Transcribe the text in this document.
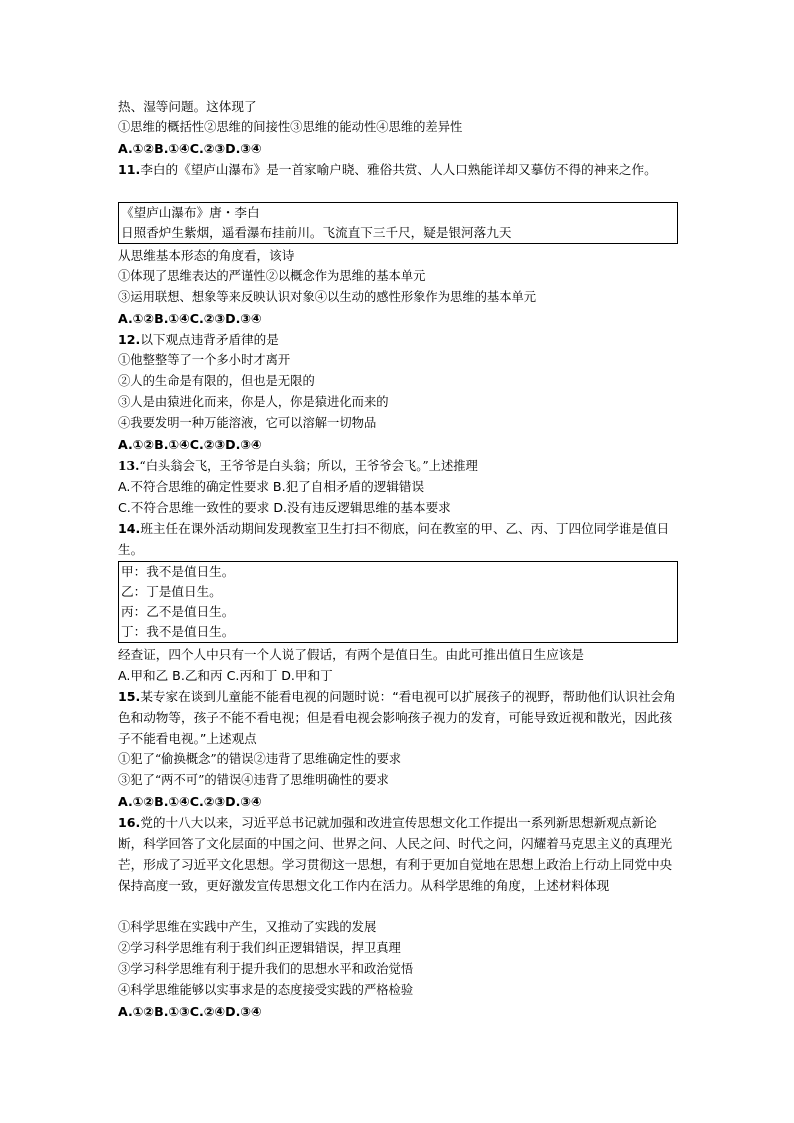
热、湿等问题。这体现了
①思维的概括性②思维的间接性③思维的能动性④思维的差异性
A.①②B.①④C.②③D.③④
11.李白的《望庐山瀑布》是一首家喻户晓、雅俗共赏、人人口熟能详却又摹仿不得的神来之作。
《望庐山瀑布》唐・李白
日照香炉生紫烟，遥看瀑布挂前川。飞流直下三千尺，疑是银河落九天
从思维基本形态的角度看，该诗
①体现了思维表达的严谨性②以概念作为思维的基本单元
③运用联想、想象等来反映认识对象④以生动的感性形象作为思维的基本单元
A.①②B.①④C.②③D.③④
12.以下观点违背矛盾律的是
①他整整等了一个多小时才离开
②人的生命是有限的，但也是无限的
③人是由猿进化而来，你是人，你是猿进化而来的
④我要发明一种万能溶液，它可以溶解一切物品
A.①②B.①④C.②③D.③④
13.“白头翁会飞，王爷爷是白头翁；所以，王爷爷会飞。”上述推理
A.不符合思维的确定性要求 B.犯了自相矛盾的逻辑错误
C.不符合思维一致性的要求 D.没有违反逻辑思维的基本要求
14.班主任在课外活动期间发现教室卫生打扫不彻底，问在教室的甲、乙、丙、丁四位同学谁是值日生。
甲：我不是值日生。
乙：丁是值日生。
丙：乙不是值日生。
丁：我不是值日生。
经查证，四个人中只有一个人说了假话，有两个是值日生。由此可推出值日生应该是
A.甲和乙 B.乙和丙 C.丙和丁 D.甲和丁
15.某专家在谈到儿童能不能看电视的问题时说：“看电视可以扩展孩子的视野，帮助他们认识社会角色和动物等，孩子不能不看电视；但是看电视会影响孩子视力的发育，可能导致近视和散光，因此孩子不能看电视。”上述观点
①犯了“偷换概念”的错误②违背了思维确定性的要求
③犯了“两不可”的错误④违背了思维明确性的要求
A.①②B.①④C.②③D.③④
16.党的十八大以来，习近平总书记就加强和改进宣传思想文化工作提出一系列新思想新观点新论断，科学回答了文化层面的中国之问、世界之问、人民之问、时代之问，闪耀着马克思主义的真理光芒，形成了习近平文化思想。学习贯彻这一思想，有利于更加自觉地在思想上政治上行动上同党中央保持高度一致，更好激发宣传思想文化工作内在活力。从科学思维的角度，上述材料体现
①科学思维在实践中产生，又推动了实践的发展
②学习科学思维有利于我们纠正逻辑错误，捍卫真理
③学习科学思维有利于提升我们的思想水平和政治觉悟
④科学思维能够以实事求是的态度接受实践的严格检验
A.①②B.①③C.②④D.③④
